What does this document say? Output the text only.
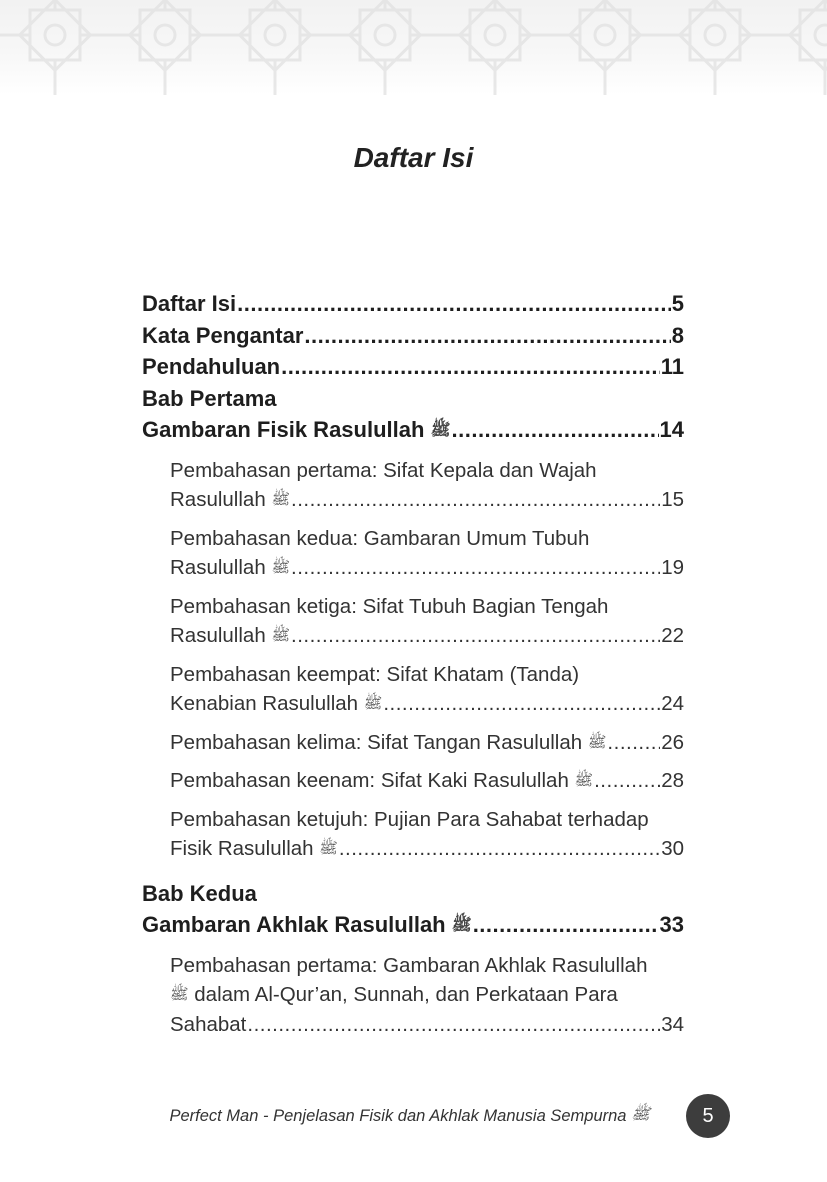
Daftar Isi
Daftar Isi .....	5
Kata Pengantar .....	8
Pendahuluan .....	11
Bab Pertama
Gambaran Fisik Rasulullah ﷺ .....	14
Pembahasan pertama: Sifat Kepala dan Wajah
Rasulullah ﷺ .....	15
Pembahasan kedua: Gambaran Umum Tubuh
Rasulullah ﷺ .....	19
Pembahasan ketiga: Sifat Tubuh Bagian Tengah
Rasulullah ﷺ .....	22
Pembahasan keempat: Sifat Khatam (Tanda)
Kenabian Rasulullah ﷺ .....	24
Pembahasan kelima: Sifat Tangan Rasulullah ﷺ .....	26
Pembahasan keenam: Sifat Kaki Rasulullah ﷺ .....	28
Pembahasan ketujuh: Pujian Para Sahabat terhadap
Fisik Rasulullah ﷺ .....	30
Bab Kedua
Gambaran Akhlak Rasulullah ﷺ .....	33
Pembahasan pertama: Gambaran Akhlak Rasulullah
ﷺ dalam Al-Qur’an, Sunnah, dan Perkataan Para
Sahabat .....	34
Perfect Man - Penjelasan Fisik dan Akhlak Manusia Sempurna ﷺ	5
